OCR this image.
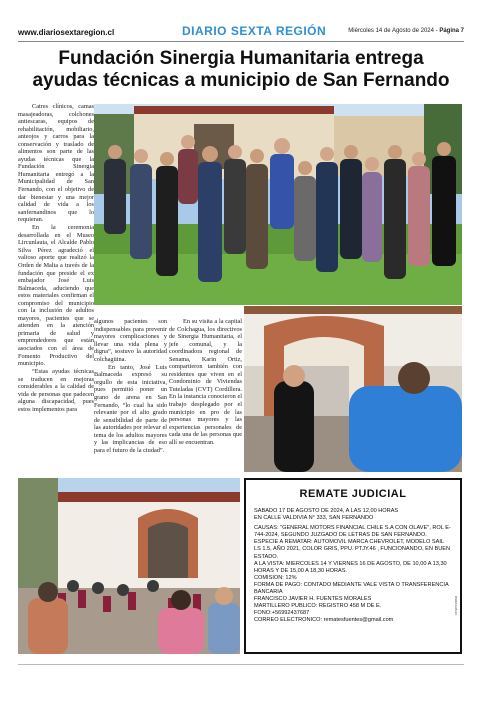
www.diariosextaregion.cl	DIARIO SEXTA REGIÓN	Miércoles 14 de Agosto de 2024 - Página 7
Fundación Sinergia Humanitaria entrega
ayudas técnicas a municipio de San Fernando

Catres clínicos, camas masajeadoras, colchones antiescaras, equipos de rehabilitación, mobiliario, anteojos y carros para la conservación y traslado de alimentos son parte de las ayudas técnicas que la Fundación Sinergia Humanitaria entregó a la Municipalidad de San Fernando, con el objetivo de dar bienestar y una mejor calidad de vida a los sanfernandinos que lo requieran.

En la ceremonia desarrollada en el Museo Lircunlauta, el Alcalde Pablo Silva Pérez agradeció el valioso aporte que realizó la Orden de Malta a través de la fundación que preside el ex embajador José Luis Balmaceda, aduciendo que estos materiales confirman el compromiso del municipio con la inclusión de adultos mayores, pacientes que se atienden en la atención primaria de salud y emprendedores que están asociados con el área de Fomento Productivo del municipio.

“Estas ayudas técnicas se traducen en mejoras considerables a la calidad de vida de personas que padecen alguna discapacidad, pues estos implementos para

algunos pacientes son indispensables para prevenir mayores complicaciones y llevar una vida plena y digna”, sostuvo la autoridad colchagüina.

En tanto, José Luis Balmaceda expresó su orgullo de esta iniciativa, pues permitió poner un grano de arena en San Fernando, “lo cual ha sido relevante por el alto grado de sensibilidad de parte de las autoridades por relevar el tema de los adultos mayores y las implicancias de eso para el futuro de la ciudad”.

En su visita a la capital de Colchagua, los directivos de Sinergia Humanitaria, el jefe comunal, y la coordinadora regional de Senama, Karin Ortiz, compartieron también con residentes que viven en el Condominio de Viviendas Tuteladas (CVT) Cordillera. En la instancia conocieron el trabajo desplegado por el municipio en pro de las personas mayores y las experiencias personales de cada una de las personas que allí se encuentran.

REMATE JUDICIAL
SABADO 17 DE AGOSTO DE 2024, A LAS 12,00 HORAS
EN CALLE VALDIVIA N° 333, SAN FERNANDO
CAUSAS: "GENERAL MOTORS FINANCIAL CHILE S.A CON OLAVE", ROL E-744-2024, SEGUNDO JUZGADO DE LETRAS DE SAN FERNANDO.
ESPECIE A REMATAR: AUTOMOVIL MARCA CHEVROLET, MODELO SAIL LS 1.5, AÑO 2021, COLOR GRIS, PPU. PTJY.46 , FUNCIONANDO, EN BUEN ESTADO.
A LA VISTA: MIERCOLES 14 Y VIERNES 16 DE AGOSTO, DE 10,00 A 13,30 HORAS Y DE 15,00 A 18,30 HORAS.
COMISION: 12%
FORMA DE PAGO: CONTADO MEDIANTE VALE VISTA O TRANSFERENCIA BANCARIA
FRANCISCO JAVIER H. FUENTES MORALES
MARTILLERO PUBLICO: REGISTRO 458 M DE E.
FONO:+56992437687
CORREO ELECTRONICO: rematesfuentes@gmail.com
DSR/14.08.24
